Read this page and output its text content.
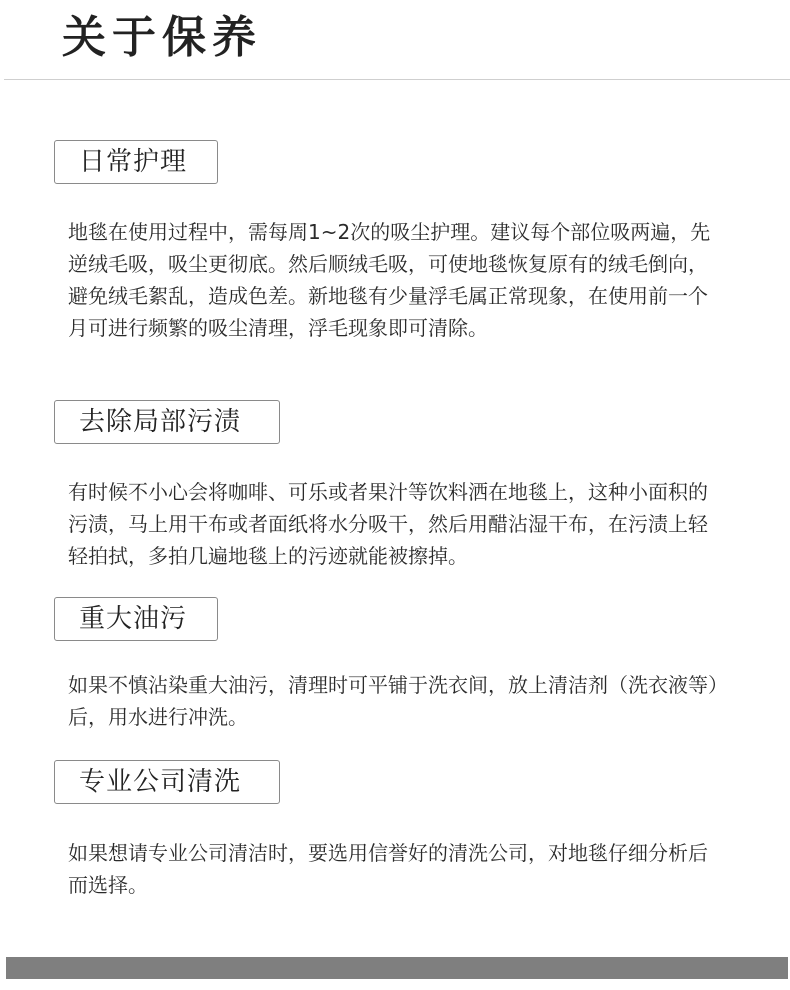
关于保养
日常护理

地毯在使用过程中，需每周1~2次的吸尘护理。建议每个部位吸两遍，先逆绒毛吸，吸尘更彻底。然后顺绒毛吸，可使地毯恢复原有的绒毛倒向，避免绒毛絮乱，造成色差。新地毯有少量浮毛属正常现象，在使用前一个月可进行频繁的吸尘清理，浮毛现象即可清除。

去除局部污渍

有时候不小心会将咖啡、可乐或者果汁等饮料洒在地毯上，这种小面积的污渍，马上用干布或者面纸将水分吸干，然后用醋沾湿干布，在污渍上轻轻拍拭，多拍几遍地毯上的污迹就能被擦掉。

重大油污

如果不慎沾染重大油污，清理时可平铺于洗衣间，放上清洁剂（洗衣液等）后，用水进行冲洗。

专业公司清洗

如果想请专业公司清洁时，要选用信誉好的清洗公司，对地毯仔细分析后而选择。
